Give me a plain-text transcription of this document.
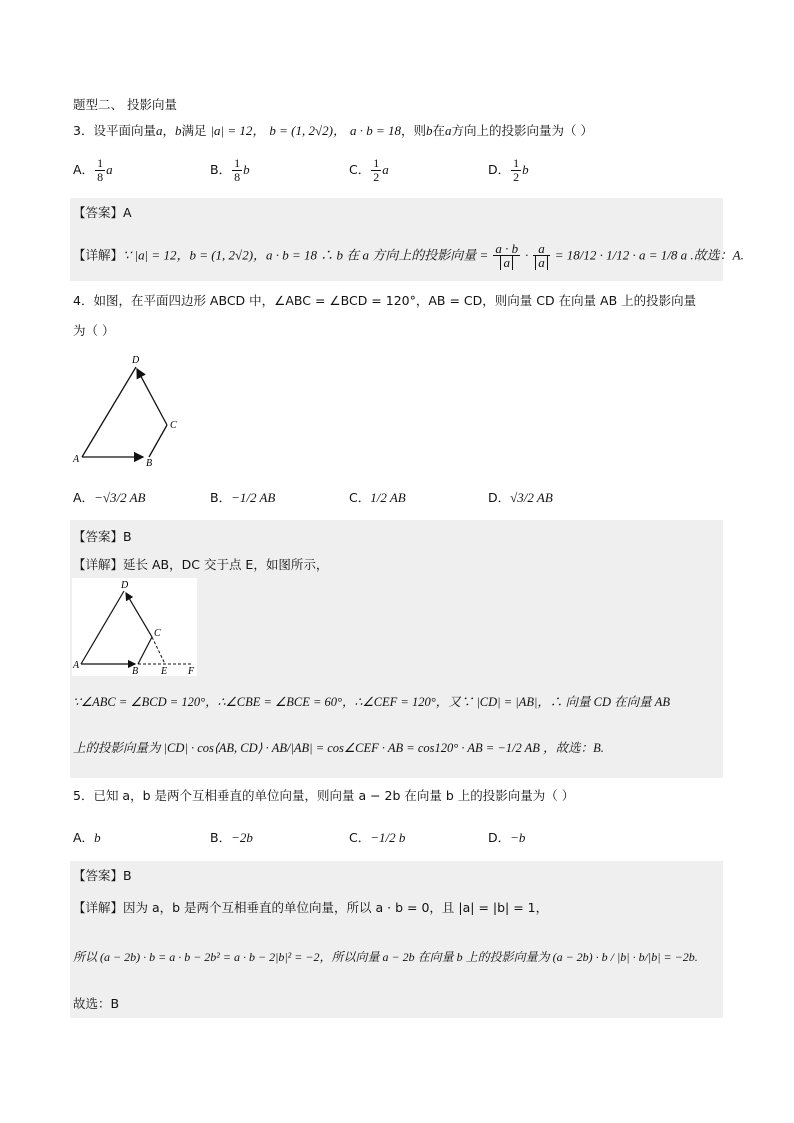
题型二、 投影向量
3．设平面向量a，b满足 |a| = 12， b = (1, 2√2)， a · b = 18，则b在a方向上的投影向量为（ ）
A． $\frac{1}{8}$ a	B． $\frac{1}{8}$ b	C． $\frac{1}{2}$ a	D． $\frac{1}{2}$ b
【答案】A
【详解】∵ |a| = 12，b = (1, 2√2)，a · b = 18 ∴ b 在 a 方向上的投影向量 = $\frac{a \cdot b}{a} \cdot \frac{a}{a} = 18/12 \cdot 1/12 \cdot a = 1/8$ a .故选：A.
4．如图，在平面四边形 ABCD 中，∠ABC = ∠BCD = 120°，AB = CD，则向量 CD 在向量 AB 上的投影向量
为（ ）
D
C
A	B
A．−√3/2 AB	B．−1/2 AB	C．1/2 AB	D．√3/2 AB
【答案】B
【详解】延长 AB，DC 交于点 E，如图所示，
D
C
A
B E F
∵∠ABC = ∠BCD = 120°，∴∠CBE = ∠BCE = 60°，∴∠CEF = 120°，又∵ |CD| = |AB|，∴ 向量 CD 在向量 AB
上的投影向量为 |CD| · cos⟨AB, CD⟩ · AB/|AB| = cos∠CEF · AB = cos120° · AB = −1/2 AB ，故选：B.
5．已知 a，b 是两个互相垂直的单位向量，则向量 a − 2b 在向量 b 上的投影向量为（ ）
A．b	B．−2b	C．−1/2 b	D．−b
【答案】B
【详解】因为 a，b 是两个互相垂直的单位向量，所以 a · b = 0，且 |a| = |b| = 1，
所以 (a − 2b) · b = a · b − 2b² = a · b − 2|b|² = −2，所以向量 a − 2b 在向量 b 上的投影向量为 (a − 2b) · b / |b| · b/|b| = −2b.
故选：B
